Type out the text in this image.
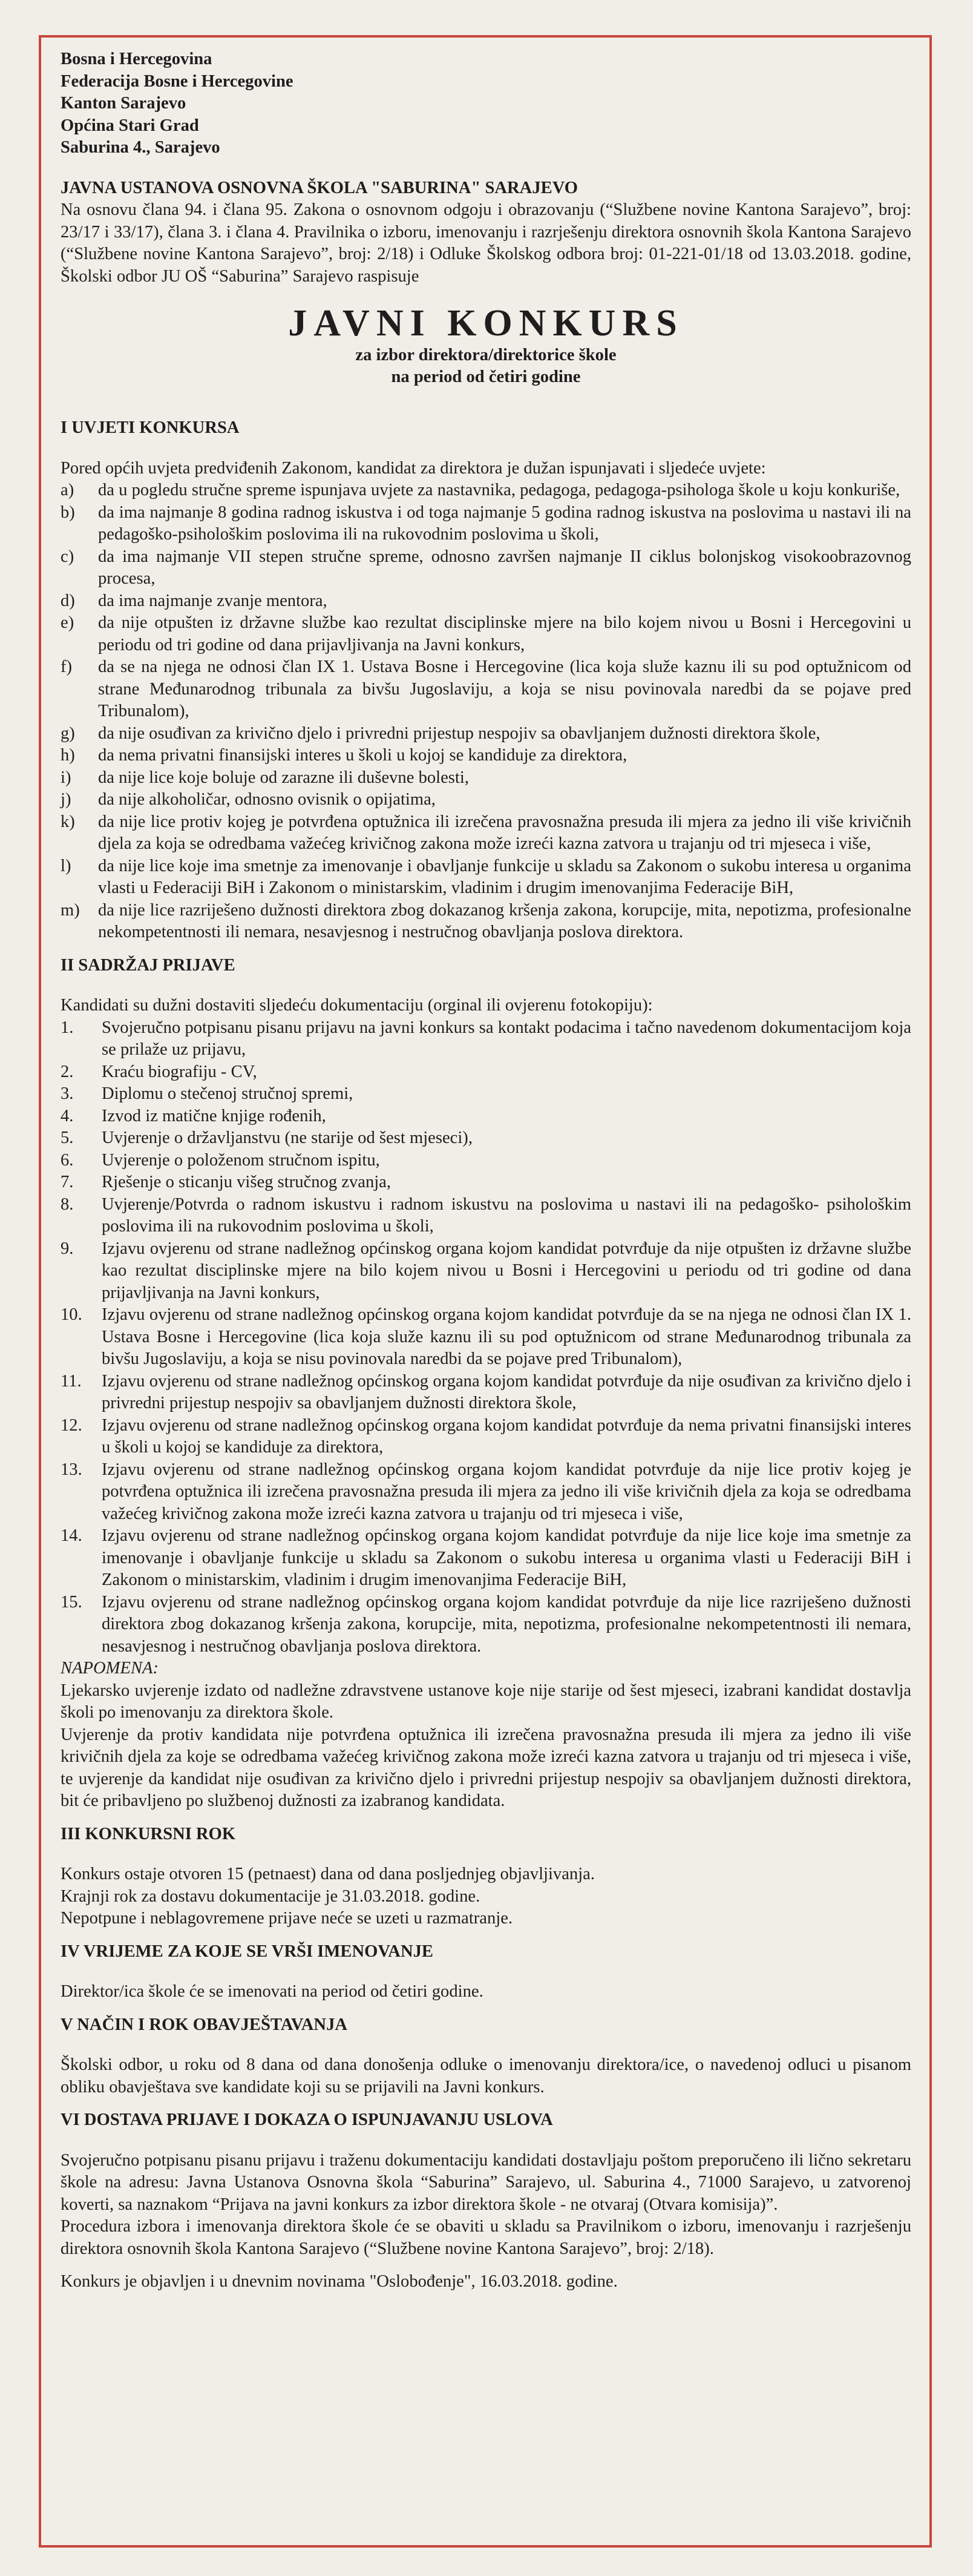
Bosna i Hercegovina

Federacija Bosne i Hercegovine

Kanton Sarajevo

Općina Stari Grad

Saburina 4., Sarajevo

JAVNA USTANOVA OSNOVNA ŠKOLA "SABURINA" SARAJEVO

Na osnovu člana 94. i člana 95. Zakona o osnovnom odgoju i obrazovanju (“Službene novine Kantona Sarajevo”, broj: 23/17 i 33/17), člana 3. i člana 4. Pravilnika o izboru, imenovanju i razrješenju direktora osnovnih škola Kantona Sarajevo (“Službene novine Kantona Sarajevo”, broj: 2/18) i Odluke Školskog odbora broj: 01-221-01/18 od 13.03.2018. godine, Školski odbor JU OŠ “Saburina” Sarajevo raspisuje

JAVNI KONKURS
za izbor direktora/direktorice škole
na period od četiri godine

I UVJETI KONKURSA

Pored općih uvjeta predviđenih Zakonom, kandidat za direktora je dužan ispunjavati i sljedeće uvjete:

a)	da u pogledu stručne spreme ispunjava uvjete za nastavnika, pedagoga, pedagoga-psihologa škole u koju konkuriše,
b)	da ima najmanje 8 godina radnog iskustva i od toga najmanje 5 godina radnog iskustva na poslovima u nastavi ili na pedagoško-psihološkim poslovima ili na rukovodnim poslovima u školi,
c)	da ima najmanje VII stepen stručne spreme, odnosno završen najmanje II ciklus bolonjskog visokoobrazovnog procesa,
d)	da ima najmanje zvanje mentora,
e)	da nije otpušten iz državne službe kao rezultat disciplinske mjere na bilo kojem nivou u Bosni i Hercegovini u periodu od tri godine od dana prijavljivanja na Javni konkurs,
f)	da se na njega ne odnosi član IX 1. Ustava Bosne i Hercegovine (lica koja služe kaznu ili su pod optužnicom od strane Međunarodnog tribunala za bivšu Jugoslaviju, a koja se nisu povinovala naredbi da se pojave pred Tribunalom),
g)	da nije osuđivan za krivično djelo i privredni prijestup nespojiv sa obavljanjem dužnosti direktora škole,
h)	da nema privatni finansijski interes u školi u kojoj se kandiduje za direktora,
i)	da nije lice koje boluje od zarazne ili duševne bolesti,
j)	da nije alkoholičar, odnosno ovisnik o opijatima,
k)	da nije lice protiv kojeg je potvrđena optužnica ili izrečena pravosnažna presuda ili mjera za jedno ili više krivičnih djela za koja se odredbama važećeg krivičnog zakona može izreći kazna zatvora u trajanju od tri mjeseca i više,
l)	da nije lice koje ima smetnje za imenovanje i obavljanje funkcije u skladu sa Zakonom o sukobu interesa u organima vlasti u Federaciji BiH i Zakonom o ministarskim, vladinim i drugim imenovanjima Federacije BiH,
m)	da nije lice razriješeno dužnosti direktora zbog dokazanog kršenja zakona, korupcije, mita, nepotizma, profesionalne nekompetentnosti ili nemara, nesavjesnog i nestručnog obavljanja poslova direktora.

II SADRŽAJ PRIJAVE

Kandidati su dužni dostaviti sljedeću dokumentaciju (orginal ili ovjerenu fotokopiju):

1.	Svojeručno potpisanu pisanu prijavu na javni konkurs sa kontakt podacima i tačno navedenom dokumentacijom koja se prilaže uz prijavu,
2.	Kraću biografiju - CV,
3.	Diplomu o stečenoj stručnoj spremi,
4.	Izvod iz matične knjige rođenih,
5.	Uvjerenje o državljanstvu (ne starije od šest mjeseci),
6.	Uvjerenje o položenom stručnom ispitu,
7.	Rješenje o sticanju višeg stručnog zvanja,
8.	Uvjerenje/Potvrda o radnom iskustvu i radnom iskustvu na poslovima u nastavi ili na pedagoško- psihološkim poslovima ili na rukovodnim poslovima u školi,
9.	Izjavu ovjerenu od strane nadležnog općinskog organa kojom kandidat potvrđuje da nije otpušten iz državne službe kao rezultat disciplinske mjere na bilo kojem nivou u Bosni i Hercegovini u periodu od tri godine od dana prijavljivanja na Javni konkurs,
10.	Izjavu ovjerenu od strane nadležnog općinskog organa kojom kandidat potvrđuje da se na njega ne odnosi član IX 1. Ustava Bosne i Hercegovine (lica koja služe kaznu ili su pod optužnicom od strane Međunarodnog tribunala za bivšu Jugoslaviju, a koja se nisu povinovala naredbi da se pojave pred Tribunalom),
11.	Izjavu ovjerenu od strane nadležnog općinskog organa kojom kandidat potvrđuje da nije osuđivan za krivično djelo i privredni prijestup nespojiv sa obavljanjem dužnosti direktora škole,
12.	Izjavu ovjerenu od strane nadležnog općinskog organa kojom kandidat potvrđuje da nema privatni finansijski interes u školi u kojoj se kandiduje za direktora,
13.	Izjavu ovjerenu od strane nadležnog općinskog organa kojom kandidat potvrđuje da nije lice protiv kojeg je potvrđena optužnica ili izrečena pravosnažna presuda ili mjera za jedno ili više krivičnih djela za koja se odredbama važećeg krivičnog zakona može izreći kazna zatvora u trajanju od tri mjeseca i više,
14.	Izjavu ovjerenu od strane nadležnog općinskog organa kojom kandidat potvrđuje da nije lice koje ima smetnje za imenovanje i obavljanje funkcije u skladu sa Zakonom o sukobu interesa u organima vlasti u Federaciji BiH i Zakonom o ministarskim, vladinim i drugim imenovanjima Federacije BiH,
15.	Izjavu ovjerenu od strane nadležnog općinskog organa kojom kandidat potvrđuje da nije lice razriješeno dužnosti direktora zbog dokazanog kršenja zakona, korupcije, mita, nepotizma, profesionalne nekompetentnosti ili nemara, nesavjesnog i nestručnog obavljanja poslova direktora.

NAPOMENA:

Ljekarsko uvjerenje izdato od nadležne zdravstvene ustanove koje nije starije od šest mjeseci, izabrani kandidat dostavlja školi po imenovanju za direktora škole.

Uvjerenje da protiv kandidata nije potvrđena optužnica ili izrečena pravosnažna presuda ili mjera za jedno ili više krivičnih djela za koje se odredbama važećeg krivičnog zakona može izreći kazna zatvora u trajanju od tri mjeseca i više, te uvjerenje da kandidat nije osuđivan za krivično djelo i privredni prijestup nespojiv sa obavljanjem dužnosti direktora, bit će pribavljeno po službenoj dužnosti za izabranog kandidata.

III KONKURSNI ROK

Konkurs ostaje otvoren 15 (petnaest) dana od dana posljednjeg objavljivanja.

Krajnji rok za dostavu dokumentacije je 31.03.2018. godine.

Nepotpune i neblagovremene prijave neće se uzeti u razmatranje.

IV VRIJEME ZA KOJE SE VRŠI IMENOVANJE

Direktor/ica škole će se imenovati na period od četiri godine.

V NAČIN I ROK OBAVJEŠTAVANJA

Školski odbor, u roku od 8 dana od dana donošenja odluke o imenovanju direktora/ice, o navedenoj odluci u pisanom obliku obavještava sve kandidate koji su se prijavili na Javni konkurs.

VI DOSTAVA PRIJAVE I DOKAZA O ISPUNJAVANJU USLOVA

Svojeručno potpisanu pisanu prijavu i traženu dokumentaciju kandidati dostavljaju poštom preporučeno ili lično sekretaru škole na adresu: Javna Ustanova Osnovna škola “Saburina” Sarajevo, ul. Saburina 4., 71000 Sarajevo, u zatvorenoj koverti, sa naznakom “Prijava na javni konkurs za izbor direktora škole - ne otvaraj (Otvara komisija)”.

Procedura izbora i imenovanja direktora škole će se obaviti u skladu sa Pravilnikom o izboru, imenovanju i razrješenju direktora osnovnih škola Kantona Sarajevo (“Službene novine Kantona Sarajevo”, broj: 2/18).

Konkurs je objavljen i u dnevnim novinama "Oslobođenje", 16.03.2018. godine.
